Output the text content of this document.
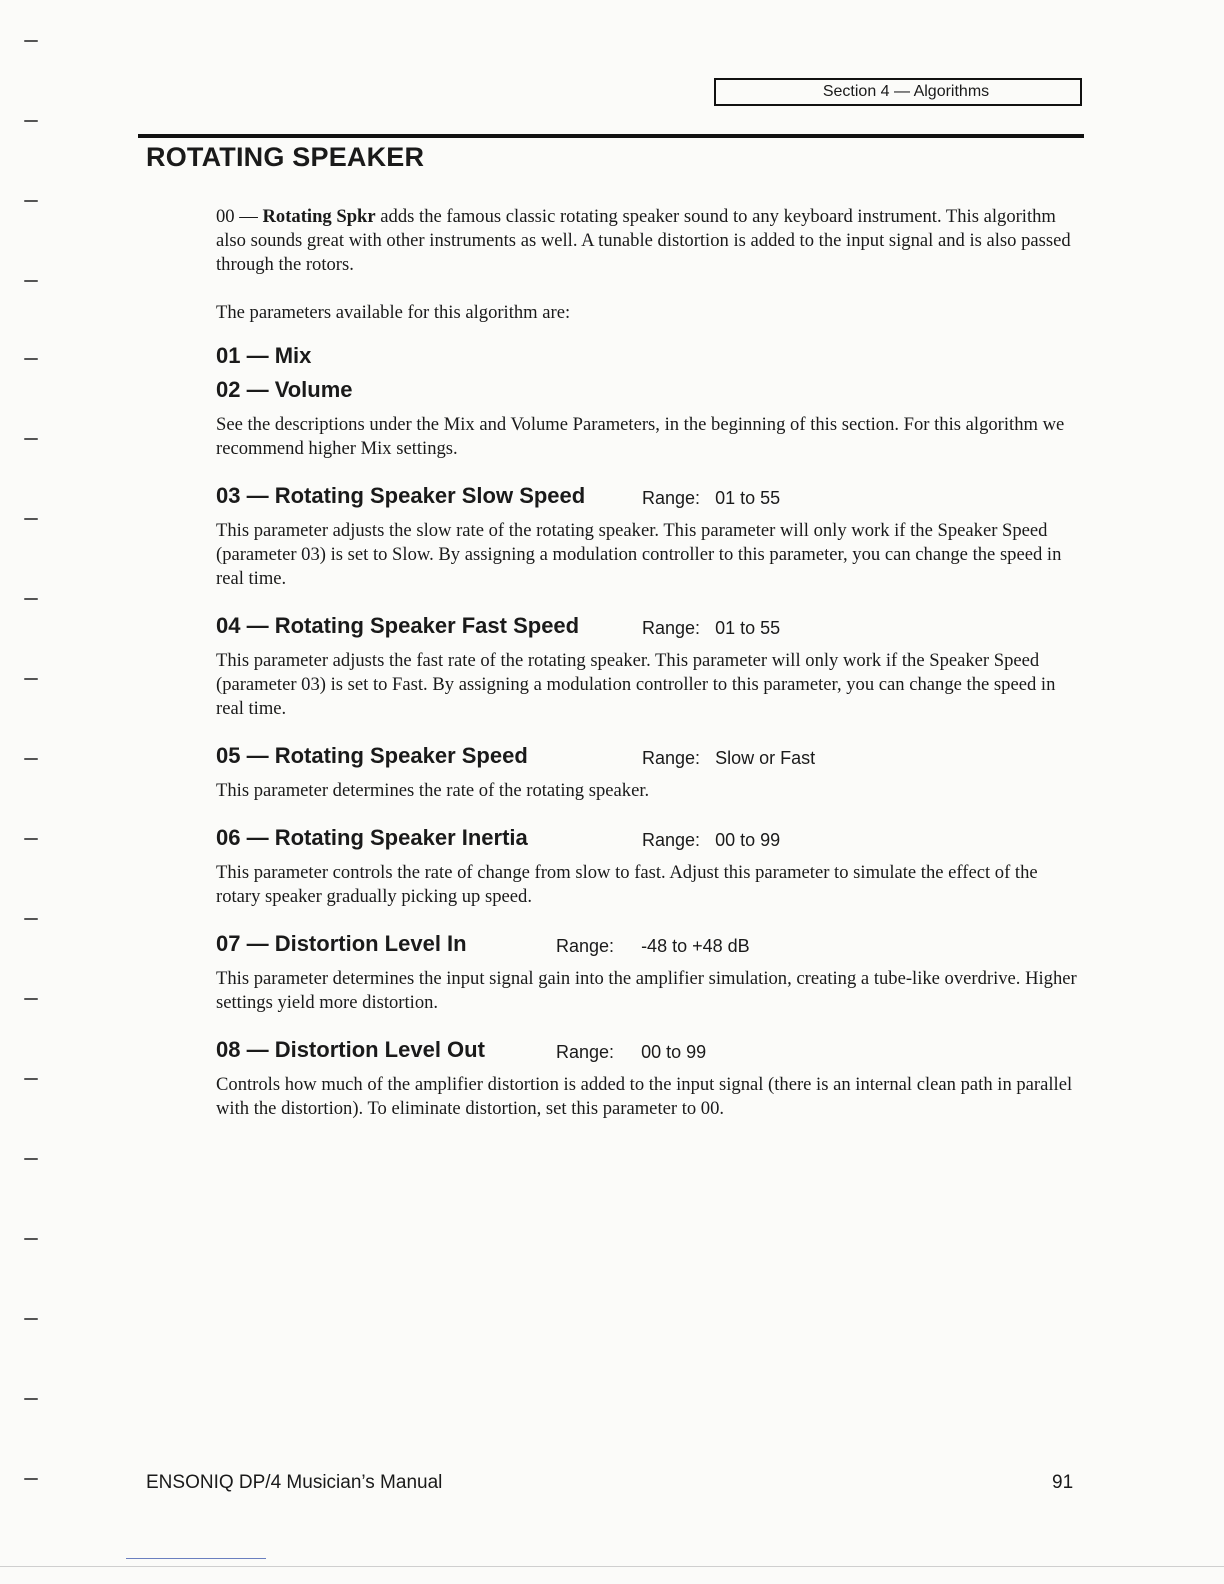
Section 4 — Algorithms
ROTATING SPEAKER

00 — Rotating Spkr adds the famous classic rotating speaker sound to any keyboard instrument. This algorithm also sounds great with other instruments as well. A tunable distortion is added to the input signal and is also passed through the rotors.

The parameters available for this algorithm are:

01 — Mix
02 — Volume

See the descriptions under the Mix and Volume Parameters, in the beginning of this section. For this algorithm we recommend higher Mix settings.

03 — Rotating Speaker Slow Speed	Range: 01 to 55

This parameter adjusts the slow rate of the rotating speaker. This parameter will only work if the Speaker Speed (parameter 03) is set to Slow. By assigning a modulation controller to this parameter, you can change the speed in real time.

04 — Rotating Speaker Fast Speed	Range: 01 to 55

This parameter adjusts the fast rate of the rotating speaker. This parameter will only work if the Speaker Speed (parameter 03) is set to Fast. By assigning a modulation controller to this parameter, you can change the speed in real time.

05 — Rotating Speaker Speed	Range: Slow or Fast

This parameter determines the rate of the rotating speaker.

06 — Rotating Speaker Inertia	Range: 00 to 99

This parameter controls the rate of change from slow to fast. Adjust this parameter to simulate the effect of the rotary speaker gradually picking up speed.

07 — Distortion Level In	Range: -48 to +48 dB

This parameter determines the input signal gain into the amplifier simulation, creating a tube-like overdrive. Higher settings yield more distortion.

08 — Distortion Level Out	Range: 00 to 99

Controls how much of the amplifier distortion is added to the input signal (there is an internal clean path in parallel with the distortion). To eliminate distortion, set this parameter to 00.

ENSONIQ DP/4 Musician’s Manual	91
